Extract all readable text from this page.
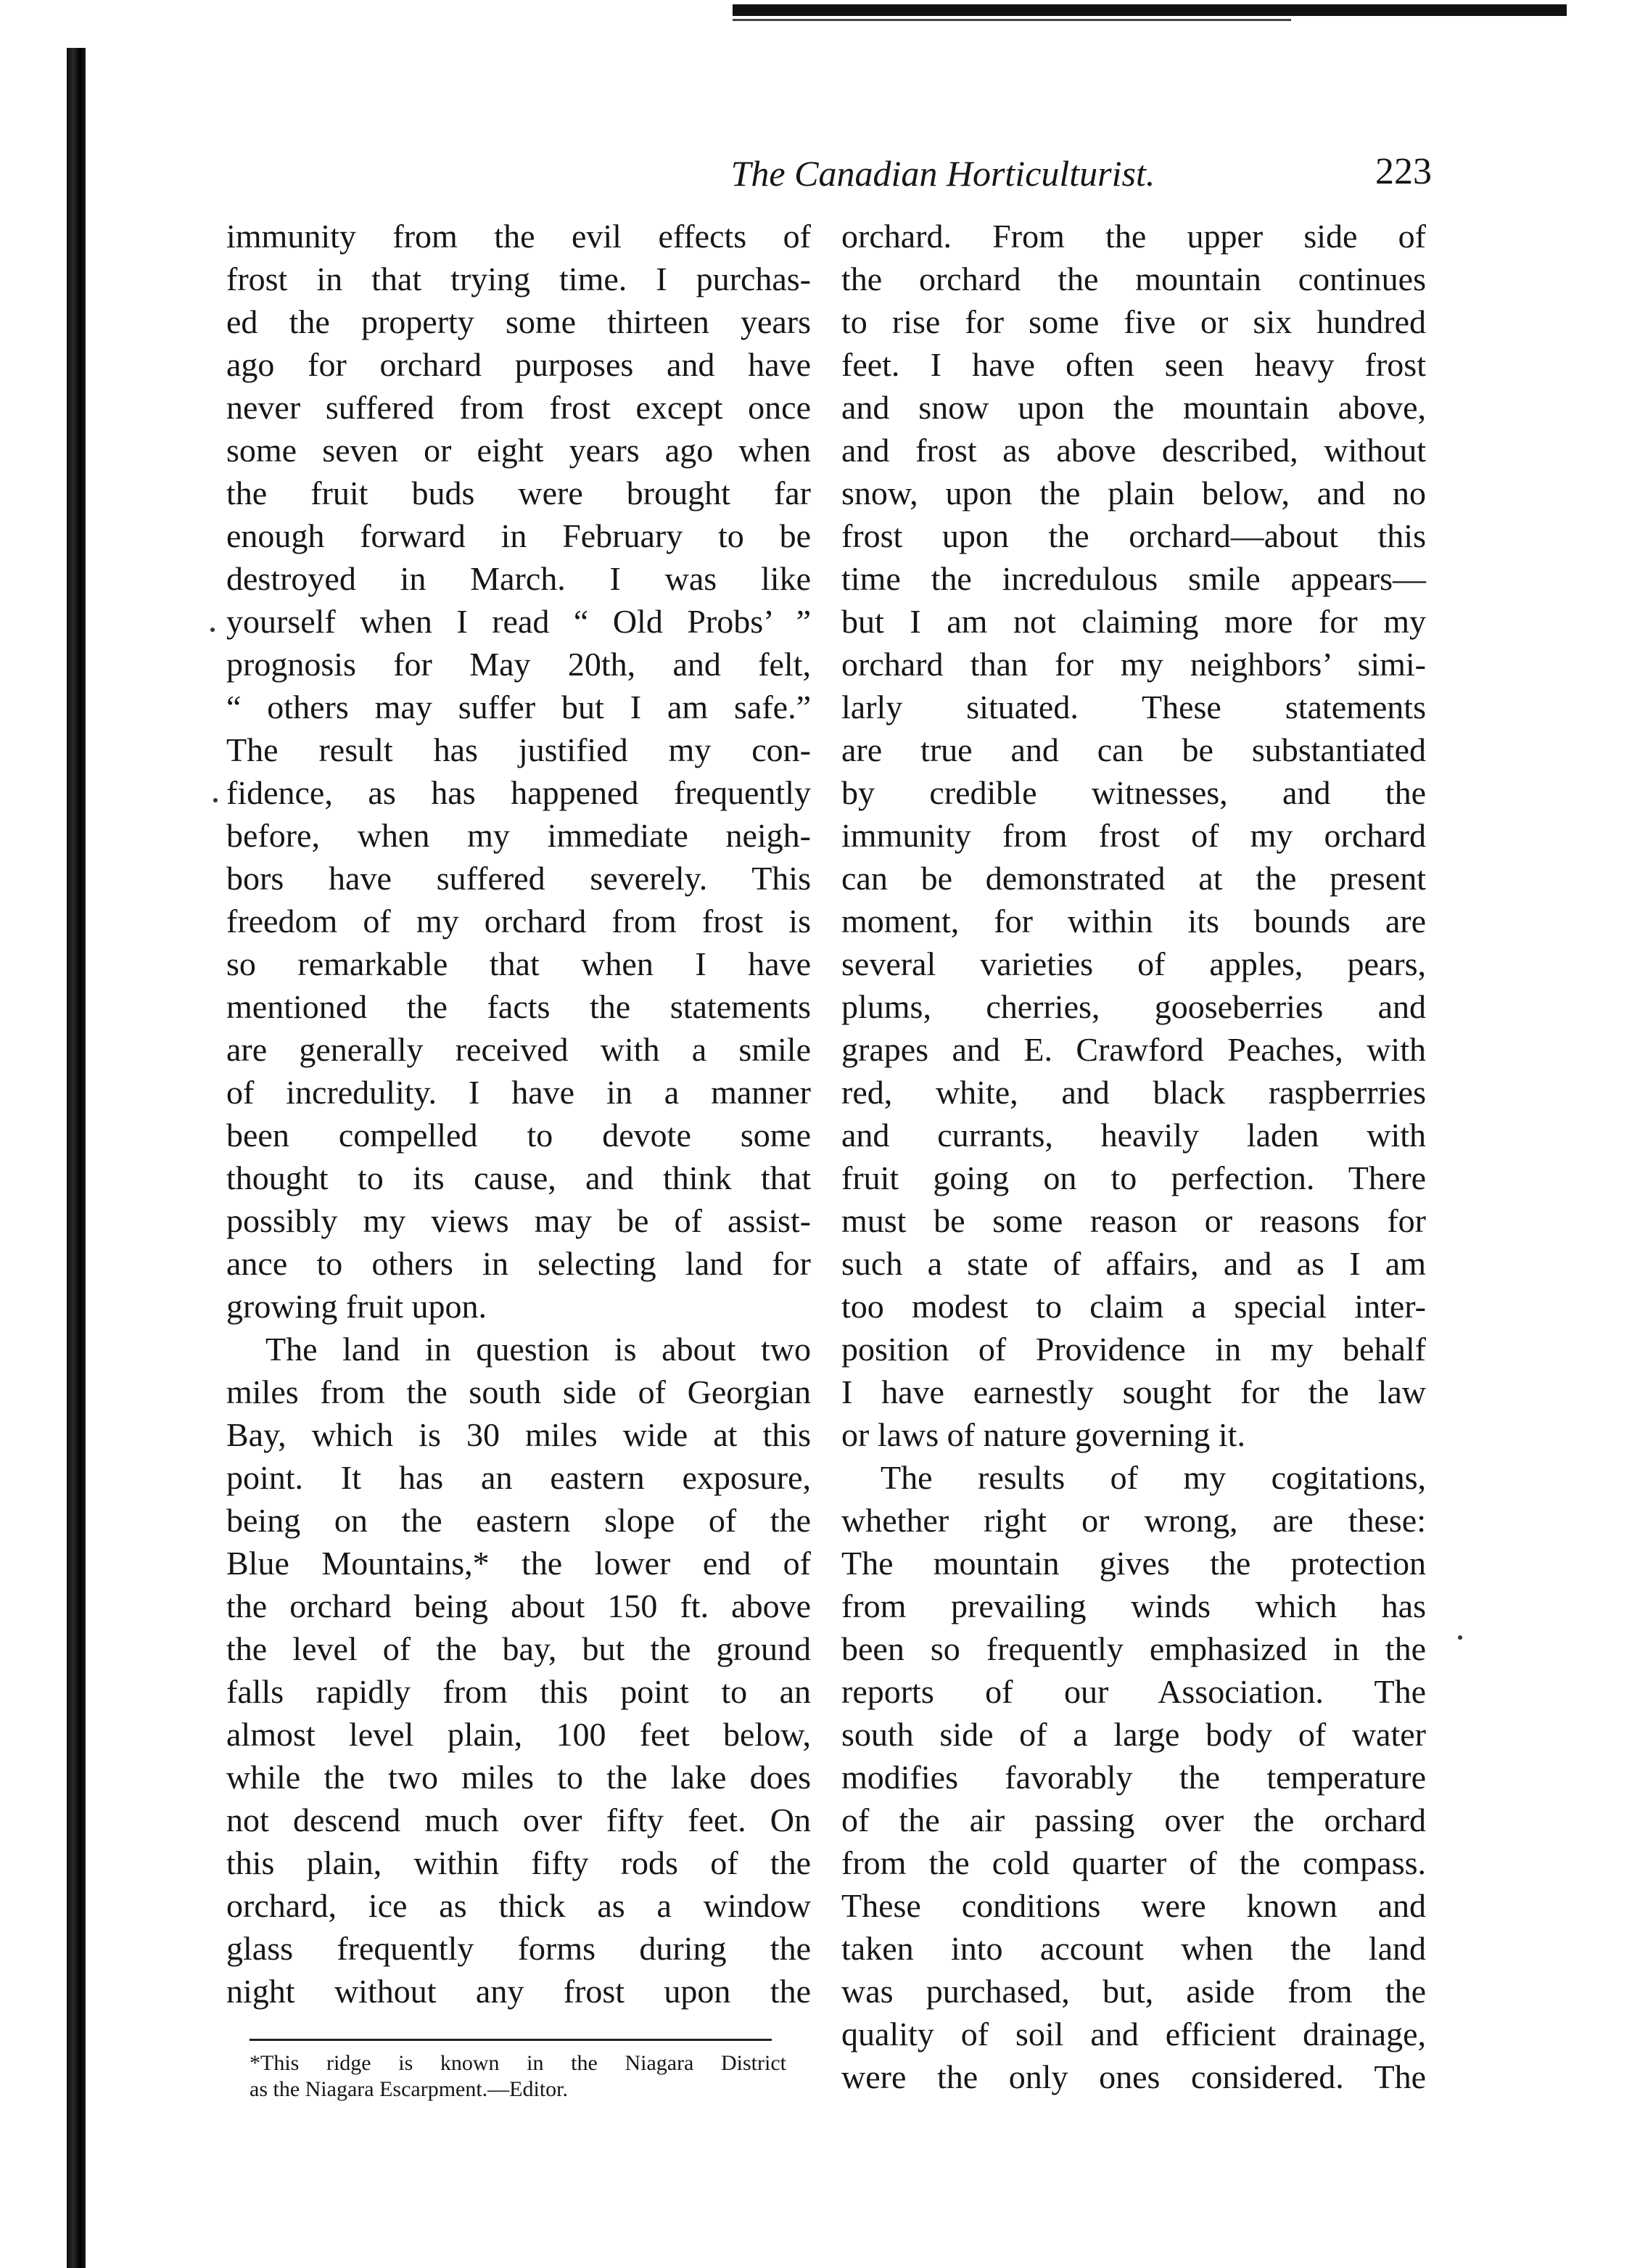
The Canadian Horticulturist.	223
immunity from the evil effects of
frost in that trying time. I purchas-
ed the property some thirteen years
ago for orchard purposes and have
never suffered from frost except once
some seven or eight years ago when
the fruit buds were brought far
enough forward in February to be
destroyed in March. I was like
yourself when I read “ Old Probs’ ”
prognosis for May 20th, and felt,
“ others may suffer but I am safe.”
The result has justified my con-
fidence, as has happened frequently
before, when my immediate neigh-
bors have suffered severely. This
freedom of my orchard from frost is
so remarkable that when I have
mentioned the facts the statements
are generally received with a smile
of incredulity. I have in a manner
been compelled to devote some
thought to its cause, and think that
possibly my views may be of assist-
ance to others in selecting land for
growing fruit upon.
The land in question is about two
miles from the south side of Georgian
Bay, which is 30 miles wide at this
point. It has an eastern exposure,
being on the eastern slope of the
Blue Mountains,* the lower end of
the orchard being about 150 ft. above
the level of the bay, but the ground
falls rapidly from this point to an
almost level plain, 100 feet below,
while the two miles to the lake does
not descend much over fifty feet. On
this plain, within fifty rods of the
orchard, ice as thick as a window
glass frequently forms during the
night without any frost upon the
orchard. From the upper side of
the orchard the mountain continues
to rise for some five or six hundred
feet. I have often seen heavy frost
and snow upon the mountain above,
and frost as above described, without
snow, upon the plain below, and no
frost upon the orchard—about this
time the incredulous smile appears—
but I am not claiming more for my
orchard than for my neighbors’ simi-
larly situated. These statements
are true and can be substantiated
by credible witnesses, and the
immunity from frost of my orchard
can be demonstrated at the present
moment, for within its bounds are
several varieties of apples, pears,
plums, cherries, gooseberries and
grapes and E. Crawford Peaches, with
red, white, and black raspberrries
and currants, heavily laden with
fruit going on to perfection. There
must be some reason or reasons for
such a state of affairs, and as I am
too modest to claim a special inter-
position of Providence in my behalf
I have earnestly sought for the law
or laws of nature governing it.
The results of my cogitations,
whether right or wrong, are these:
The mountain gives the protection
from prevailing winds which has
been so frequently emphasized in the
reports of our Association. The
south side of a large body of water
modifies favorably the temperature
of the air passing over the orchard
from the cold quarter of the compass.
These conditions were known and
taken into account when the land
was purchased, but, aside from the
quality of soil and efficient drainage,
were the only ones considered. The
*This ridge is known in the Niagara District
as the Niagara Escarpment.—Editor.
